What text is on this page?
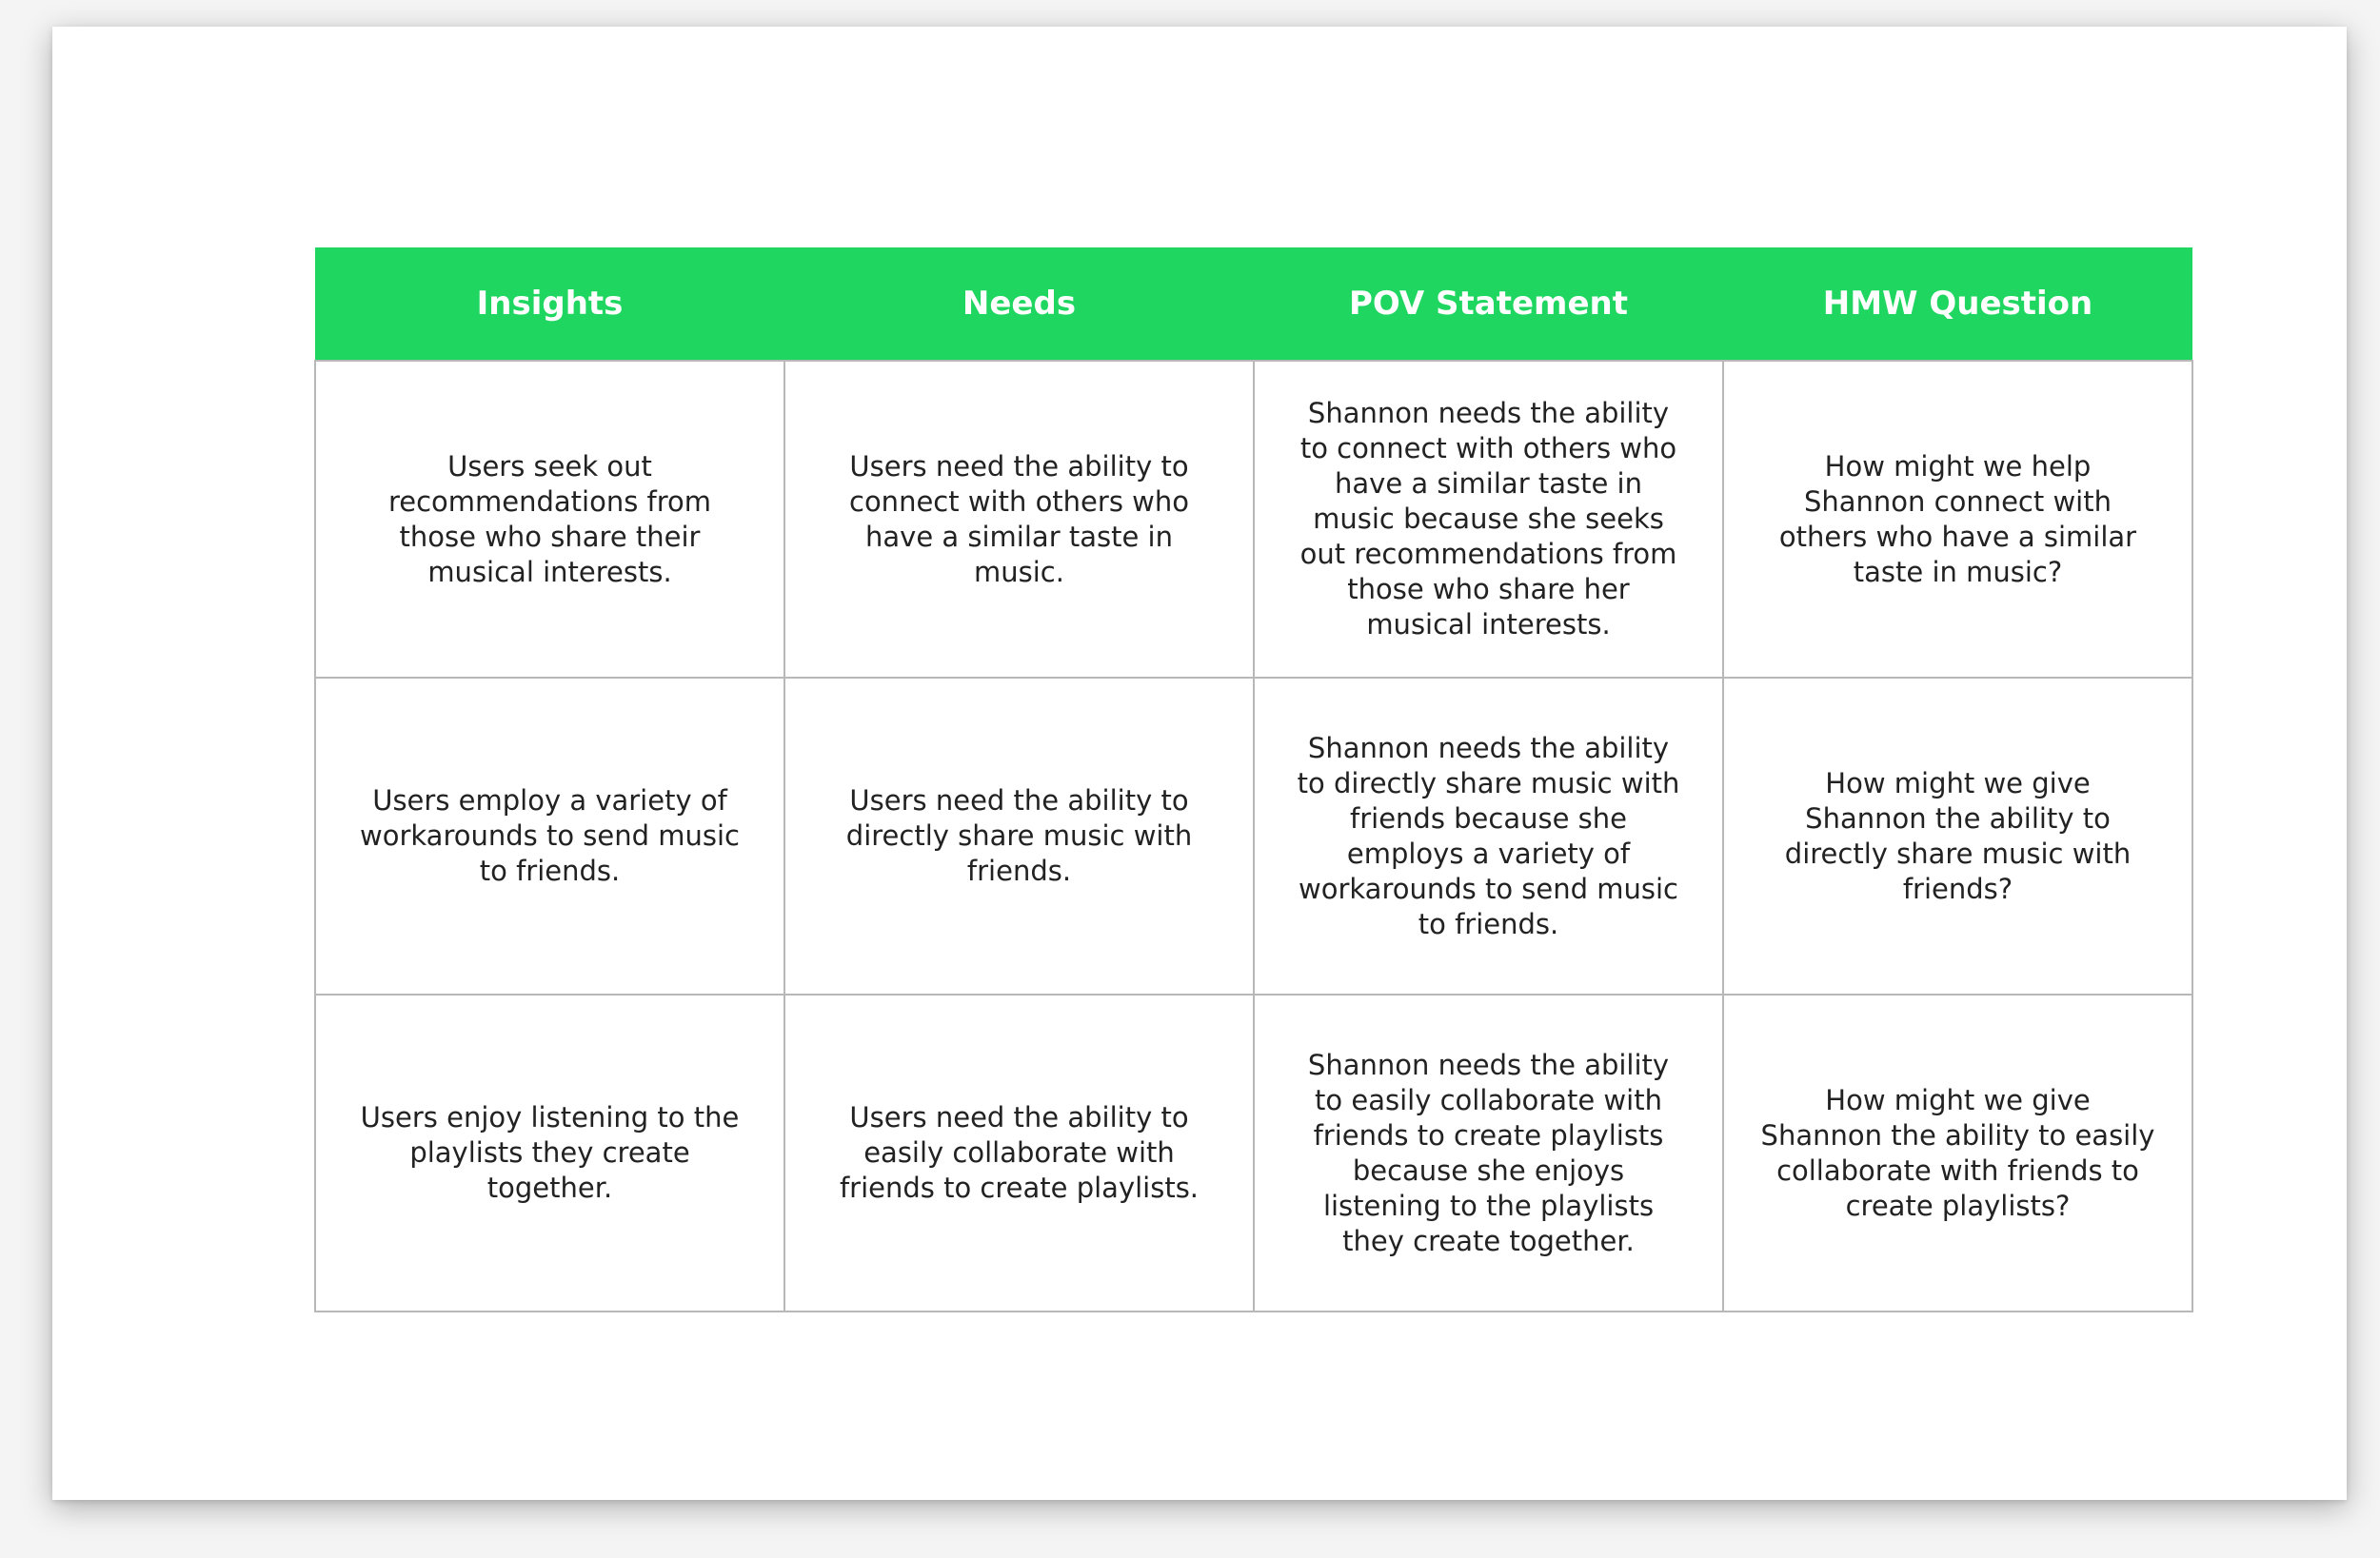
Insights	Needs	POV Statement	HMW Question
Users seek out recommendations from those who share their musical interests.	Users need the ability to connect with others who have a similar taste in music.	Shannon needs the ability to connect with others who have a similar taste in music because she seeks out recommendations from those who share her musical interests.	How might we help Shannon connect with others who have a similar taste in music?
Users employ a variety of workarounds to send music to friends.	Users need the ability to directly share music with friends.	Shannon needs the ability to directly share music with friends because she employs a variety of workarounds to send music to friends.	How might we give Shannon the ability to directly share music with friends?
Users enjoy listening to the playlists they create together.	Users need the ability to easily collaborate with friends to create playlists.	Shannon needs the ability to easily collaborate with friends to create playlists because she enjoys listening to the playlists they create together.	How might we give Shannon the ability to easily collaborate with friends to create playlists?
